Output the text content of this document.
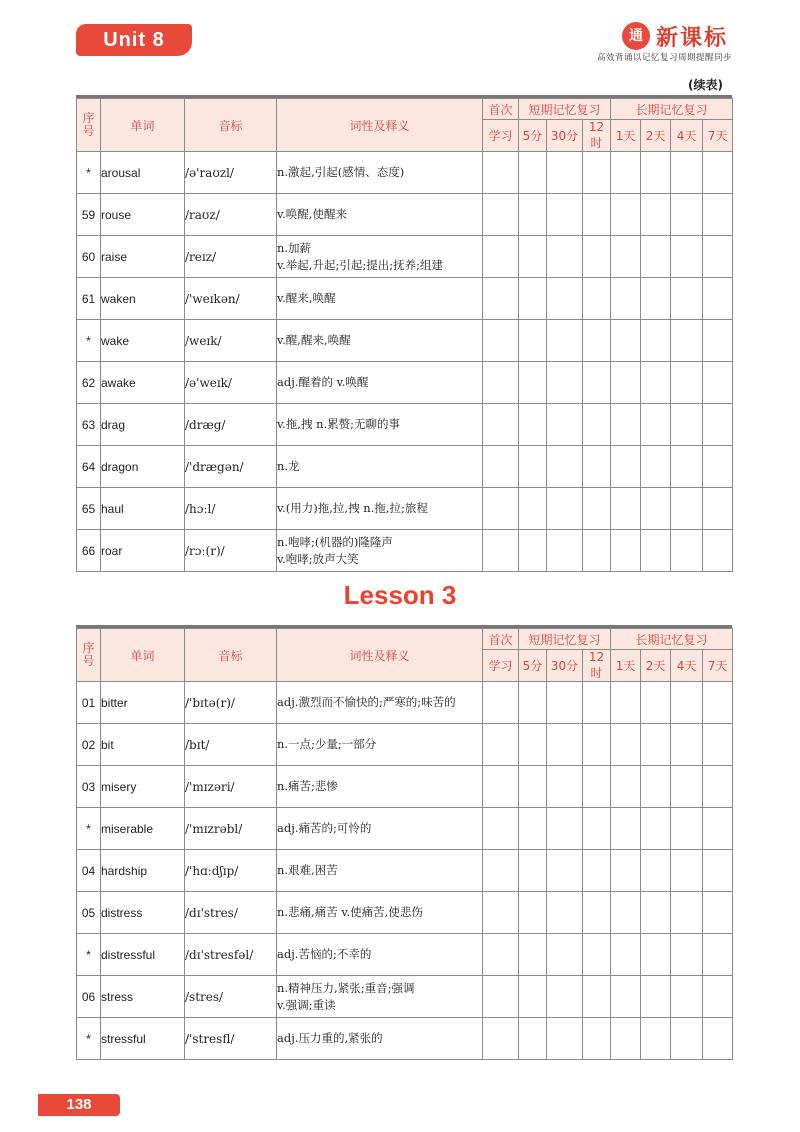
Unit 8	通 新课标
高效背诵以记忆复习周期提醒同步
(续表)
序号	单词	音标	词性及释义	首次	短期记忆复习			长期记忆复习			
				学习	5分	30分	12时	1天	2天	4天	7天
*	arousal	/ə'raʊzl/	n.激起,引起(感情、态度)								

59	rouse	/raʊz/	v.唤醒,使醒来								

60	raise	/reɪz/	n.加薪
v.举起,升起;引起;提出;抚养;组建								

61	waken	/'weɪkən/	v.醒来,唤醒								

*	wake	/weɪk/	v.醒,醒来,唤醒								

62	awake	/ə'weɪk/	adj.醒着的 v.唤醒								

63	drag	/dræg/	v.拖,拽 n.累赘;无聊的事								

64	dragon	/'drægən/	n.龙								

65	haul	/hɔːl/	v.(用力)拖,拉,拽 n.拖,拉;旅程								

66	roar	/rɔː(r)/	n.咆哮;(机器的)隆隆声
v.咆哮;放声大笑								

Lesson 3
序号	单词	音标	词性及释义	首次	短期记忆复习			长期记忆复习			
				学习	5分	30分	12时	1天	2天	4天	7天
01	bitter	/'bɪtə(r)/	adj.激烈而不愉快的;严寒的;味苦的								

02	bit	/bɪt/	n.一点;少量;一部分								

03	misery	/'mɪzəri/	n.痛苦;悲惨								

*	miserable	/'mɪzrəbl/	adj.痛苦的;可怜的								

04	hardship	/'hɑːdʃɪp/	n.艰难,困苦								

05	distress	/dɪ'stres/	n.悲痛,痛苦 v.使痛苦,使悲伤								

*	distressful	/dɪ'stresfəl/	adj.苦恼的;不幸的								

06	stress	/stres/	n.精神压力,紧张;重音;强调
v.强调;重读								

*	stressful	/'stresfl/	adj.压力重的,紧张的								

138
